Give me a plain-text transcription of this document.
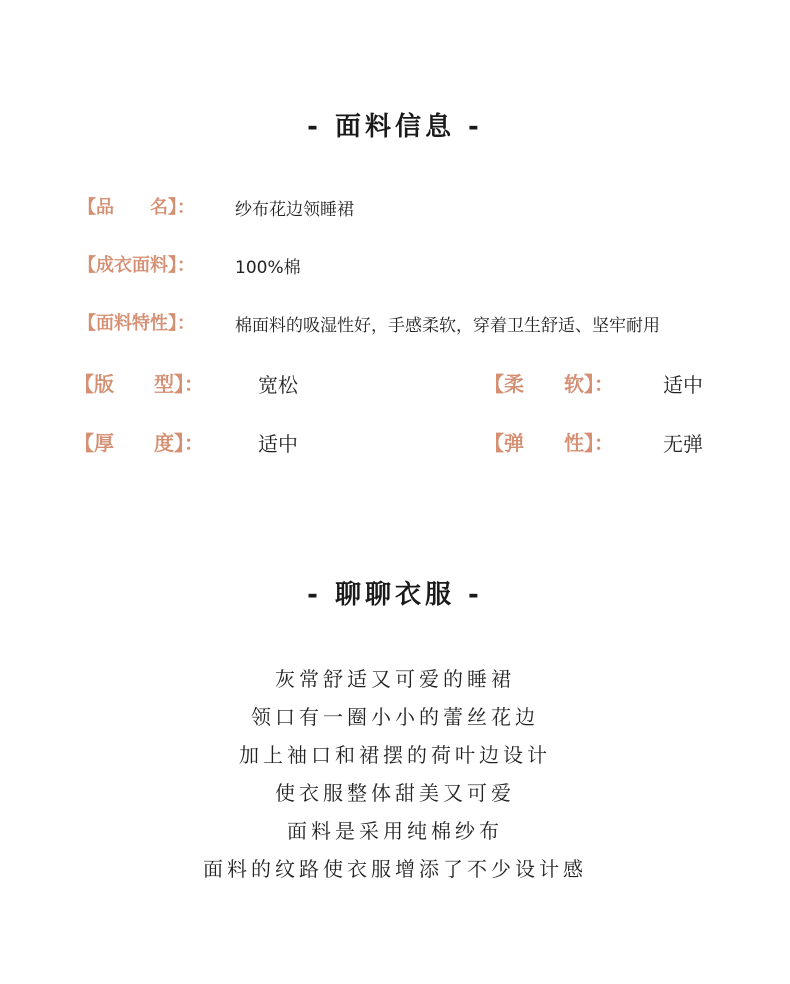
- 面料信息 -
【品　　名】： 纱布花边领睡裙
【成衣面料】： 100%棉
【面料特性】： 棉面料的吸湿性好，手感柔软，穿着卫生舒适、坚牢耐用
【版　　型】：	宽松	【柔　　软】： 适中
【厚　　度】：	适中	【弹　　性】： 无弹
- 聊聊衣服 -
灰常舒适又可爱的睡裙
领口有一圈小小的蕾丝花边
加上袖口和裙摆的荷叶边设计
使衣服整体甜美又可爱
面料是采用纯棉纱布
面料的纹路使衣服增添了不少设计感
